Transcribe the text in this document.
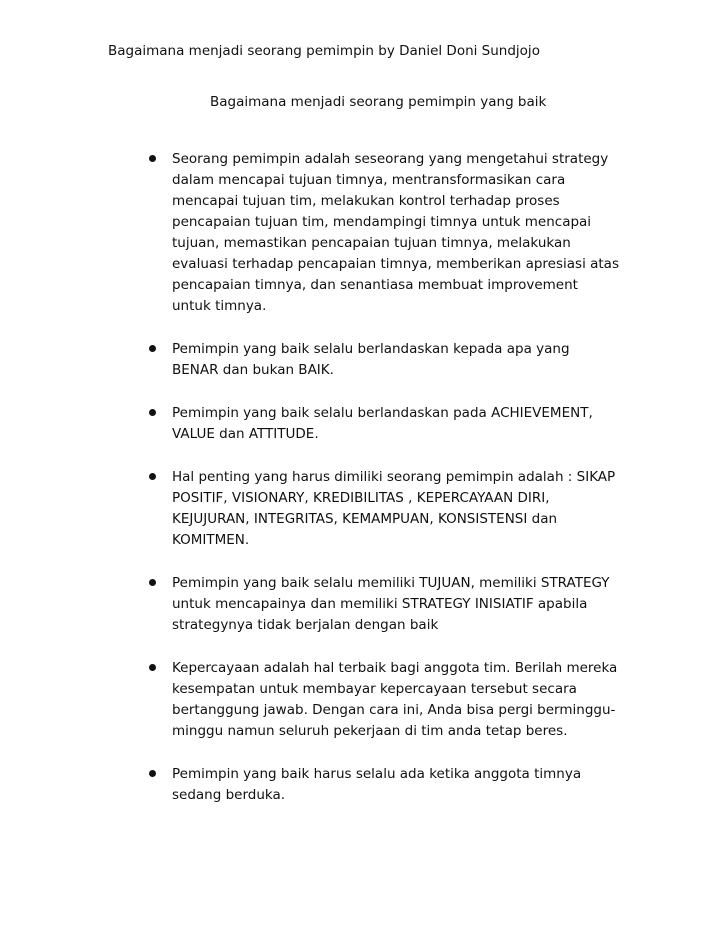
Bagaimana menjadi seorang pemimpin by Daniel Doni Sundjojo
Bagaimana menjadi seorang pemimpin yang baik
Seorang pemimpin adalah seseorang yang mengetahui strategy dalam mencapai tujuan timnya, mentransformasikan cara mencapai tujuan tim, melakukan kontrol terhadap proses pencapaian tujuan tim, mendampingi timnya untuk mencapai tujuan, memastikan pencapaian tujuan timnya, melakukan evaluasi terhadap pencapaian timnya, memberikan apresiasi atas pencapaian timnya, dan senantiasa membuat improvement untuk timnya.
Pemimpin yang baik selalu berlandaskan kepada apa yang BENAR dan bukan BAIK.
Pemimpin yang baik selalu berlandaskan pada ACHIEVEMENT, VALUE dan ATTITUDE.
Hal penting yang harus dimiliki seorang pemimpin adalah : SIKAP POSITIF, VISIONARY, KREDIBILITAS , KEPERCAYAAN DIRI, KEJUJURAN, INTEGRITAS, KEMAMPUAN, KONSISTENSI dan KOMITMEN.
Pemimpin yang baik selalu memiliki TUJUAN, memiliki STRATEGY untuk mencapainya dan memiliki STRATEGY INISIATIF apabila strategynya tidak berjalan dengan baik
Kepercayaan adalah hal terbaik bagi anggota tim. Berilah mereka kesempatan untuk membayar kepercayaan tersebut secara bertanggung jawab. Dengan cara ini, Anda bisa pergi berminggu-minggu namun seluruh pekerjaan di tim anda tetap beres.
Pemimpin yang baik harus selalu ada ketika anggota timnya sedang berduka.
